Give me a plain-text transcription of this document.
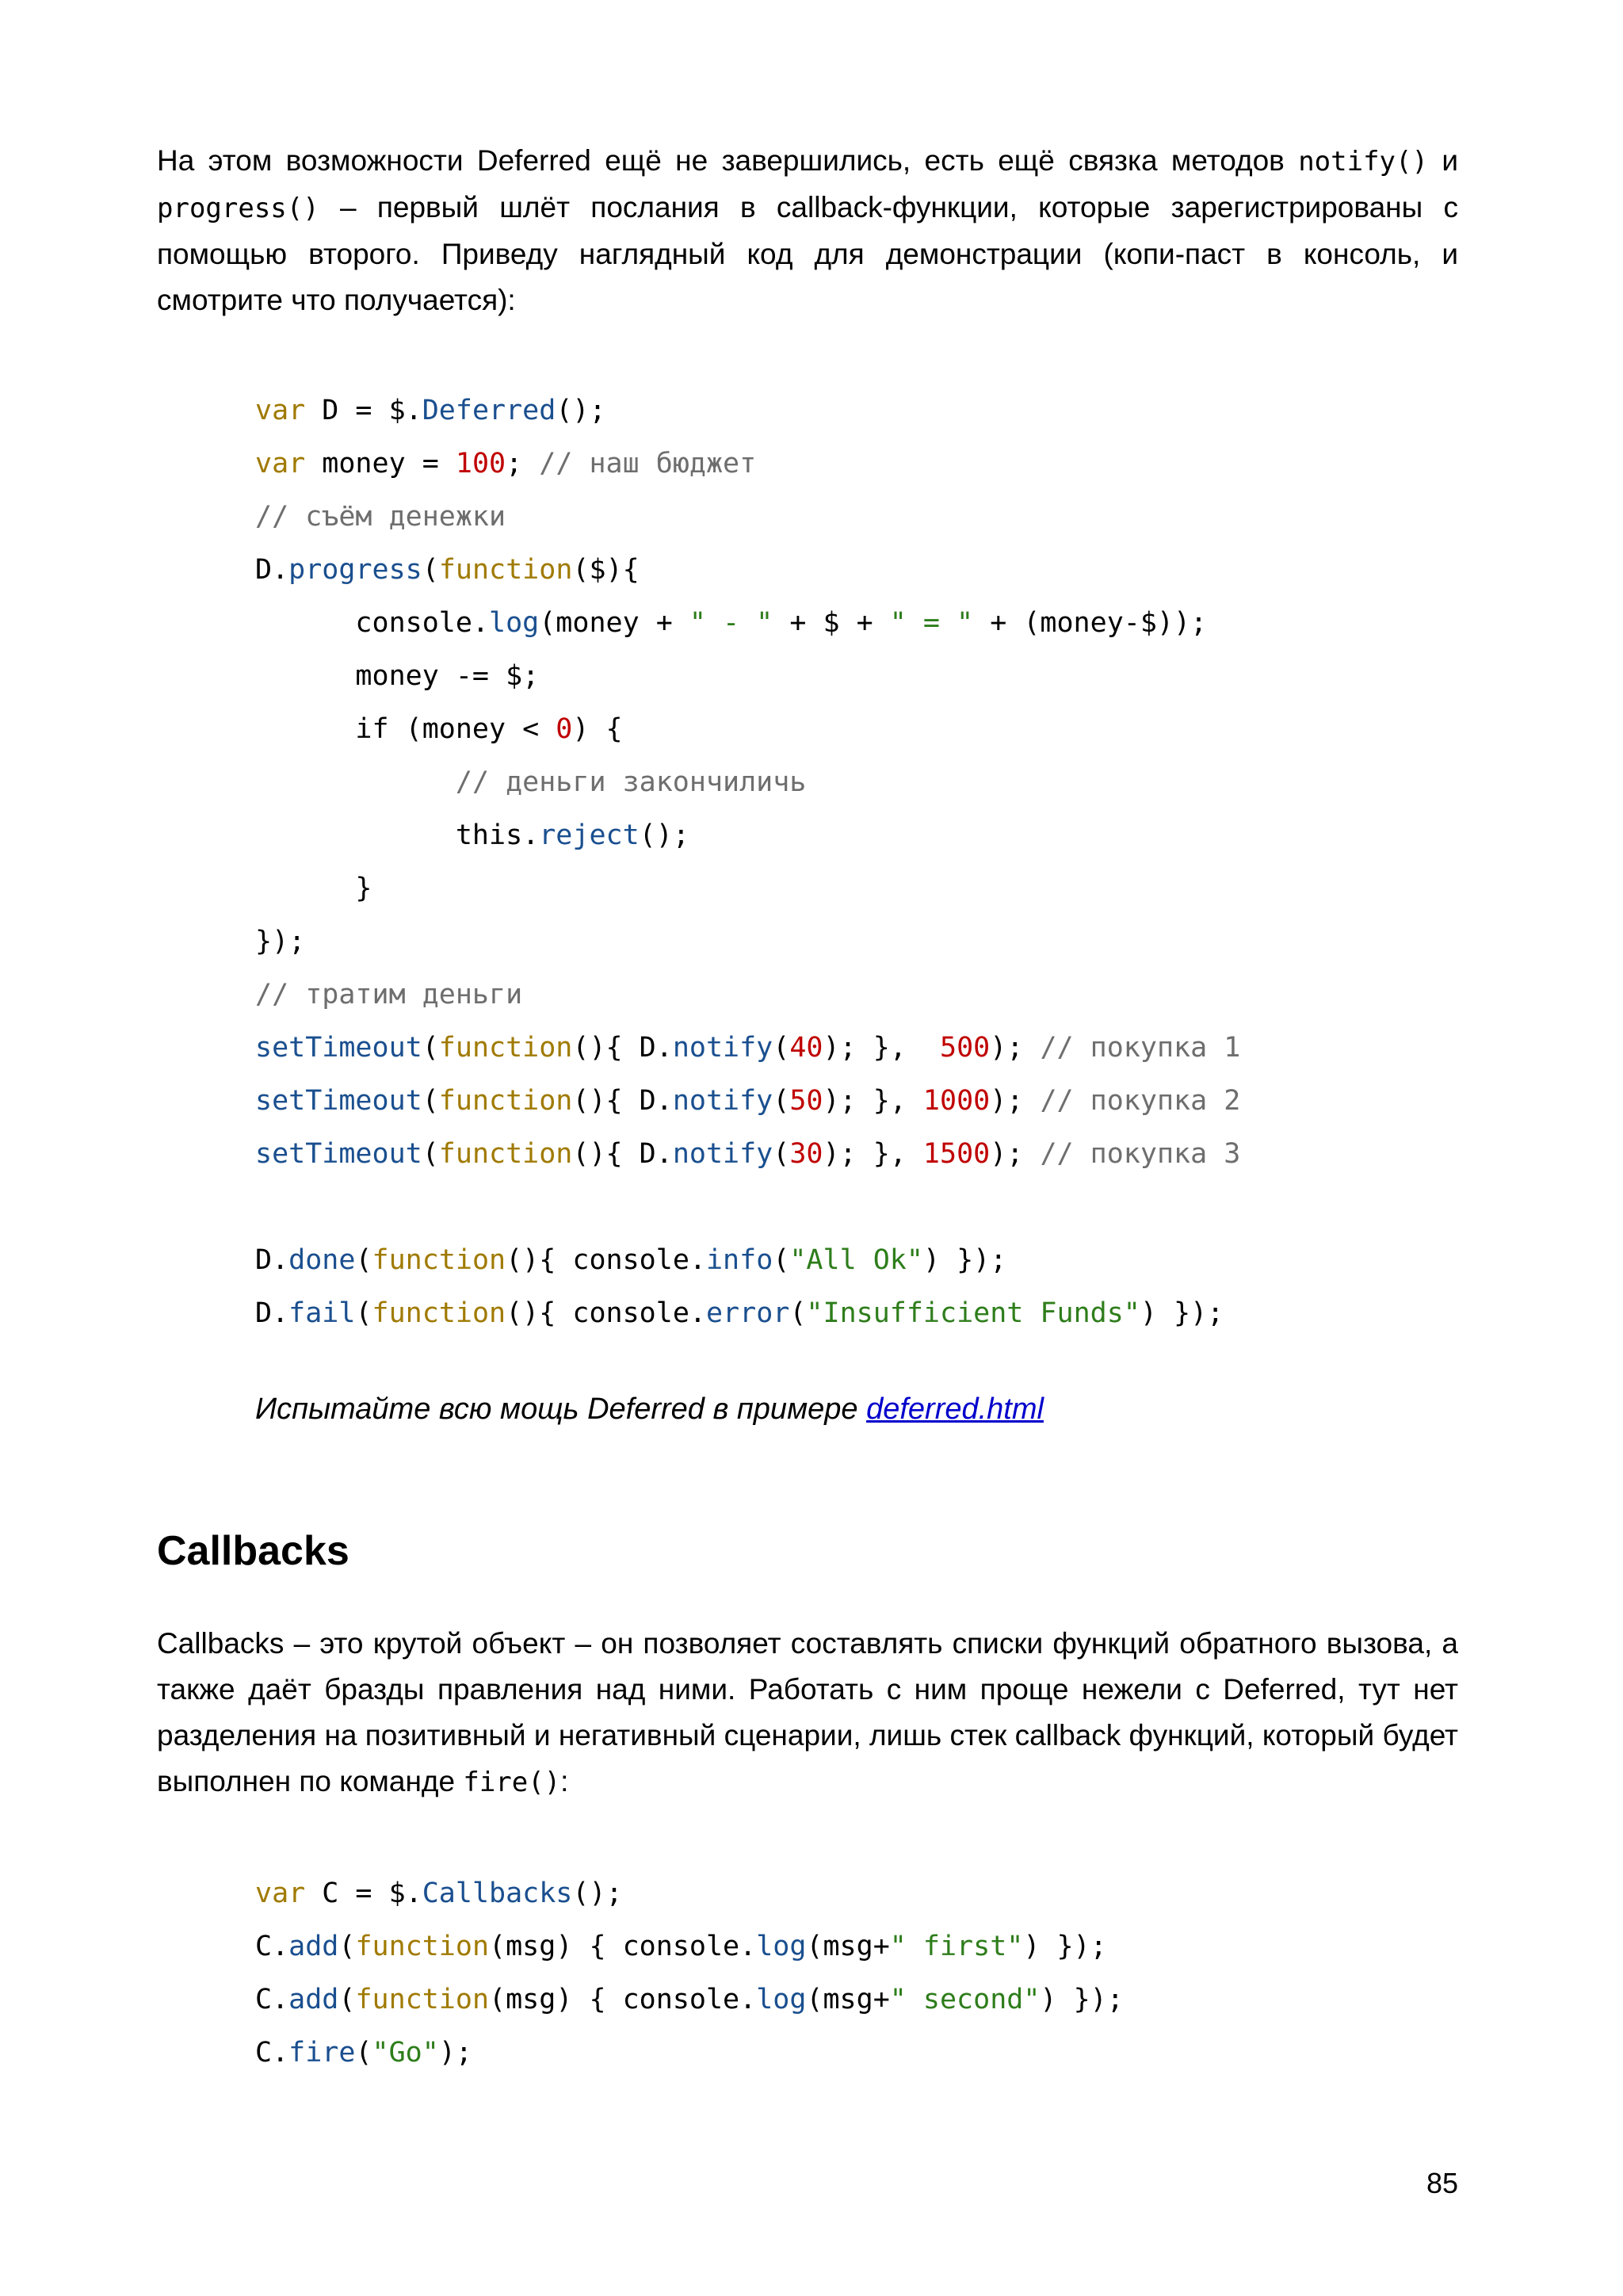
На этом возможности Deferred ещё не завершились, есть ещё связка методов notify() и progress() – первый шлёт послания в callback-функции, которые зарегистрированы с помощью второго. Приведу наглядный код для демонстрации (копи-паст в консоль, и смотрите что получается):

var D = $.Deferred();
var money = 100; // наш бюджет
// съём денежки
D.progress(function($){
console.log(money + " - " + $ + " = " + (money-$));
money -= $;
if (money < 0) {
// деньги закончиличь
this.reject();
}
});
// тратим деньги
setTimeout(function(){ D.notify(40); },  500); // покупка 1
setTimeout(function(){ D.notify(50); }, 1000); // покупка 2
setTimeout(function(){ D.notify(30); }, 1500); // покупка 3
D.done(function(){ console.info("All Ok") });
D.fail(function(){ console.error("Insufficient Funds") });
Испытайте всю мощь Deferred в примере deferred.html
Callbacks

Callbacks – это крутой объект – он позволяет составлять списки функций обратного вызова, а также даёт бразды правления над ними. Работать с ним проще нежели с Deferred, тут нет разделения на позитивный и негативный сценарии, лишь стек callback функций, который будет выполнен по команде fire():

var C = $.Callbacks();
C.add(function(msg) { console.log(msg+" first") });
C.add(function(msg) { console.log(msg+" second") });
C.fire("Go");
85
